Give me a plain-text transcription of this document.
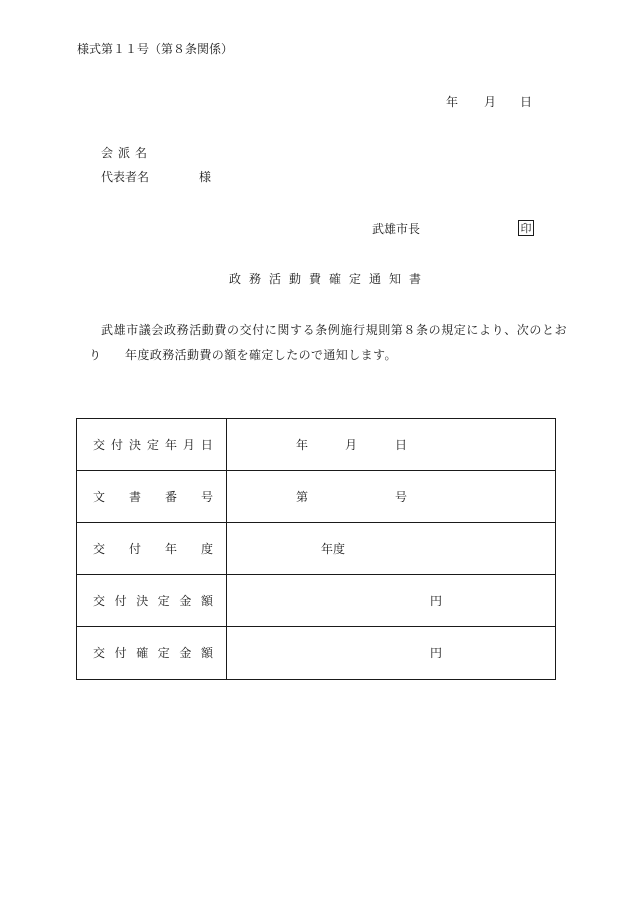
様式第１１号（第８条関係）
年 月 日
会派名
代表者名	様
武雄市長	印
政務活動費確定通知書
武雄市議会政務活動費の交付に関する条例施行規則第８条の規定により、次のとお
り 年度政務活動費の額を確定したので通知します。
交 付 決 定 年 月 日	年	月	日
文 書 番 号	第	号
交 付 年 度	年度
交 付 決 定 金 額	円
交 付 確 定 金 額	円
